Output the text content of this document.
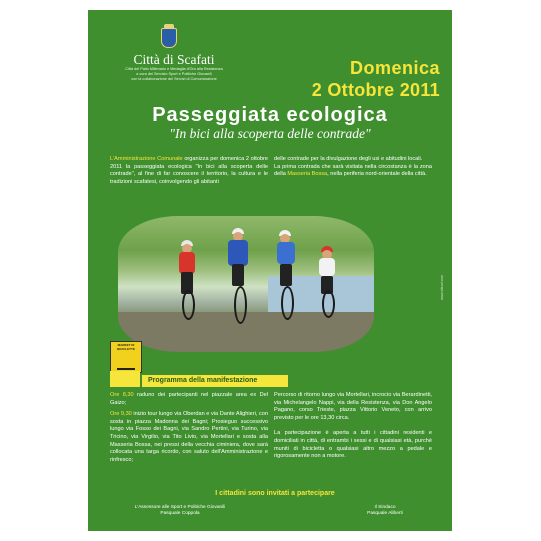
Città di Scafati
Città del Palio Millenario e Medaglia d'Oro alla Resistenza
a cura del Servizio Sport e Politiche Giovanili
con la collaborazione dei Servizi di Comunicazione
Domenica
2 Ottobre 2011
Passeggiata ecologica
"In bici alla scoperta delle contrade"
L'Amministrazione Comunale organizza per domenica 2 ottobre 2011 la passeggiata ecologica "In bici alla scoperta delle contrade", al fine di far conoscere il territorio, la cultura e le tradizioni scafatesi, coinvolgendo gli abitanti
delle contrade per la divulgazione degli usi e abitudini locali.
La prima contrada che sarà visitata nella circostanza è la zona della Masseria Bossa, nella periferia nord-orientale della città.
MARKET DI BICICLETTE
Programma della manifestazione
Ore 8,30 raduno dei partecipanti nel piazzale area ex Del Gaizo;
Ore 9,30 inizio tour lungo via Oberdan e via Dante Alighieri, con sosta in piazza Madonna dei Bagni; Prosieguo successivo lungo via Fosso dei Bagni, via Sandro Pertini, via Turino, via Tricino, via Virgilio, via Tito Livio, via Mortellari e sosta alla Masseria Bossa, nei pressi della vecchia ciminiera, dove sarà collocata una targa ricordo, con saluto dell'Amministrazione e rinfresco;
Percorso di ritorno lungo via Mortellari, incrocio via Berardinetti, via Michelangelo Nappi, via della Resistenza, via Don Angelo Pagano, corso Trieste, piazza Vittorio Veneto, con arrivo previsto per le ore 13,30 circa.
La partecipazione è aperta a tutti i cittadini residenti e domiciliati in città, di entrambi i sessi e di qualsiasi età, purchè muniti di bicicletta o qualsiasi altro mezzo a pedale e rigorosamente non a motore.
I cittadini sono invitati a partecipare
L'Assessore alle Sport e Politiche Giovanili
Pasquale Coppola
Il Sindaco
Pasquale Aliberti
www.siteurl.com
